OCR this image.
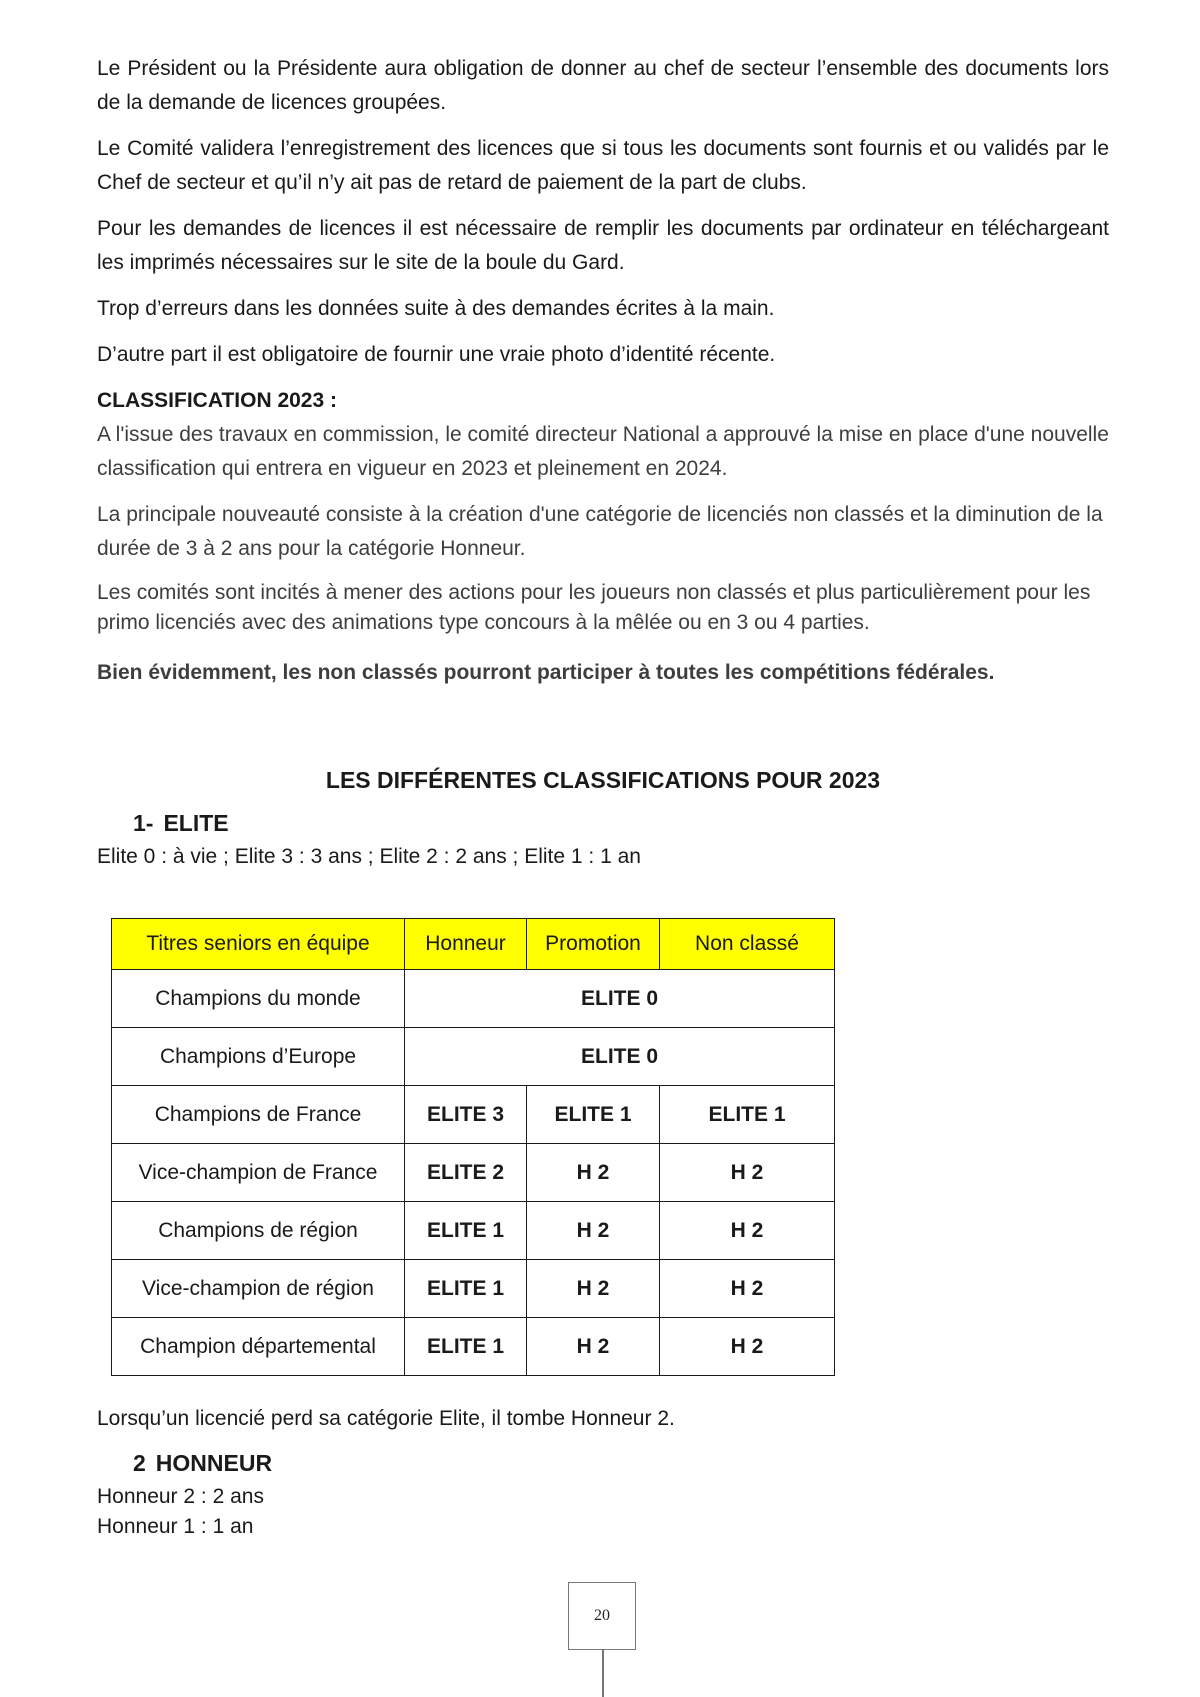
Le Président ou la Présidente aura obligation de donner au chef de secteur l’ensemble des documents lors de la demande de licences groupées.

Le Comité validera l’enregistrement des licences que si tous les documents sont fournis et ou validés par le Chef de secteur et qu’il n’y ait pas de retard de paiement de la part de clubs.

Pour les demandes de licences il est nécessaire de remplir les documents par ordinateur en téléchargeant les imprimés nécessaires sur le site de la boule du Gard.

Trop d’erreurs dans les données suite à des demandes écrites à la main.

D’autre part il est obligatoire de fournir une vraie photo d’identité récente.

CLASSIFICATION 2023 :

A l'issue des travaux en commission, le comité directeur National a approuvé la mise en place d'une nouvelle classification qui entrera en vigueur en 2023 et pleinement en 2024.

La principale nouveauté consiste à la création d'une catégorie de licenciés non classés et la diminution de la durée de 3 à 2 ans pour la catégorie Honneur.

Les comités sont incités à mener des actions pour les joueurs non classés et plus particulièrement pour les primo licenciés avec des animations type concours à la mêlée ou en 3 ou 4 parties.

Bien évidemment, les non classés pourront participer à toutes les compétitions fédérales.

LES DIFFÉRENTES CLASSIFICATIONS POUR 2023
1- ELITE

Elite 0 : à vie ; Elite 3 : 3 ans ; Elite 2 : 2 ans ; Elite 1 : 1 an

Titres seniors en équipe	Honneur	Promotion	Non classé
Champions du monde	ELITE 0		
Champions d’Europe	ELITE 0		
Champions de France	ELITE 3	ELITE 1	ELITE 1
Vice-champion de France	ELITE 2	H 2	H 2
Champions de région	ELITE 1	H 2	H 2
Vice-champion de région	ELITE 1	H 2	H 2
Champion départemental	ELITE 1	H 2	H 2

Lorsqu’un licencié perd sa catégorie Elite, il tombe Honneur 2.

2 HONNEUR

Honneur 2 : 2 ans

Honneur 1 : 1 an

20
